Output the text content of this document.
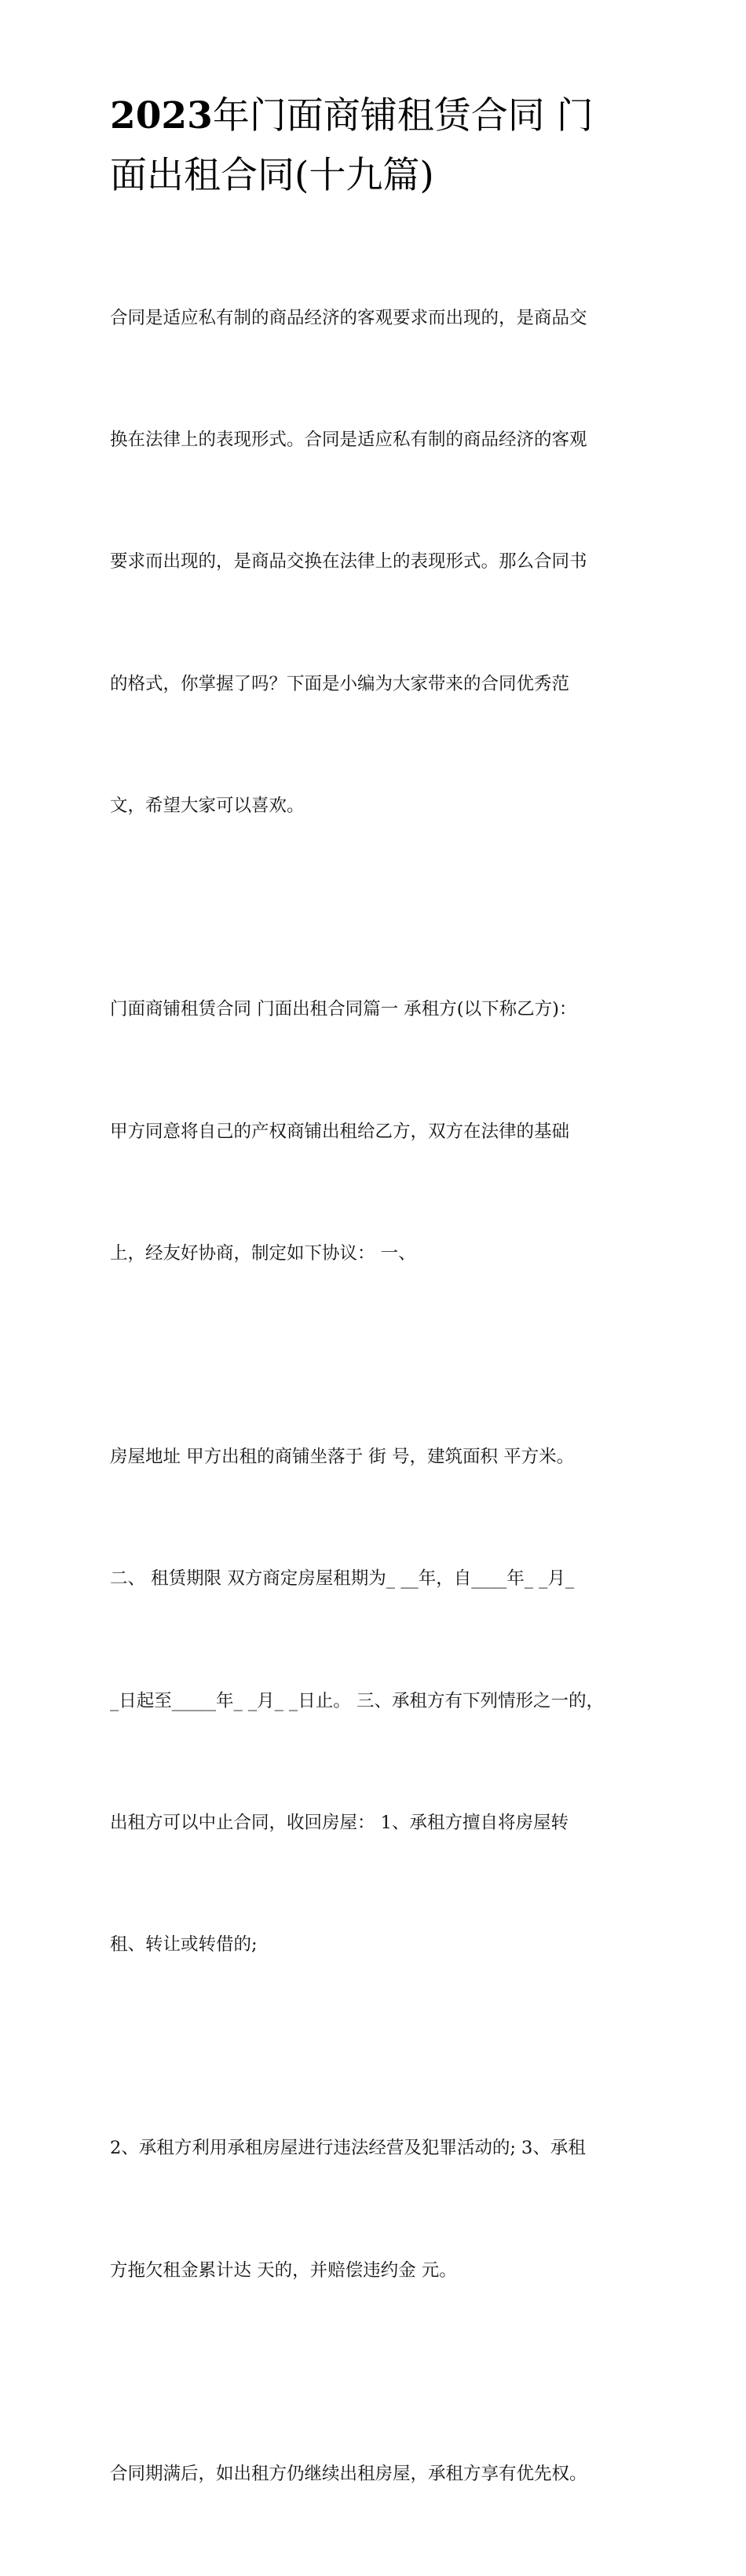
2023年门面商铺租赁合同 门
面出租合同(十九篇)

合同是适应私有制的商品经济的客观要求而出现的，是商品交

换在法律上的表现形式。合同是适应私有制的商品经济的客观

要求而出现的，是商品交换在法律上的表现形式。那么合同书

的格式，你掌握了吗？下面是小编为大家带来的合同优秀范

文，希望大家可以喜欢。

门面商铺租赁合同 门面出租合同篇一 承租方(以下称乙方)：

甲方同意将自己的产权商铺出租给乙方，双方在法律的基础

上，经友好协商，制定如下协议： 一、

房屋地址 甲方出租的商铺坐落于 街 号，建筑面积 平方米。

二、 租赁期限 双方商定房屋租期为_ __年，自____年_ _月_

_日起至_____年_ _月_ _日止。 三、承租方有下列情形之一的，

出租方可以中止合同，收回房屋： 1、承租方擅自将房屋转

租、转让或转借的;

2、承租方利用承租房屋进行违法经营及犯罪活动的; 3、承租

方拖欠租金累计达 天的，并赔偿违约金 元。

合同期满后，如出租方仍继续出租房屋，承租方享有优先权。
